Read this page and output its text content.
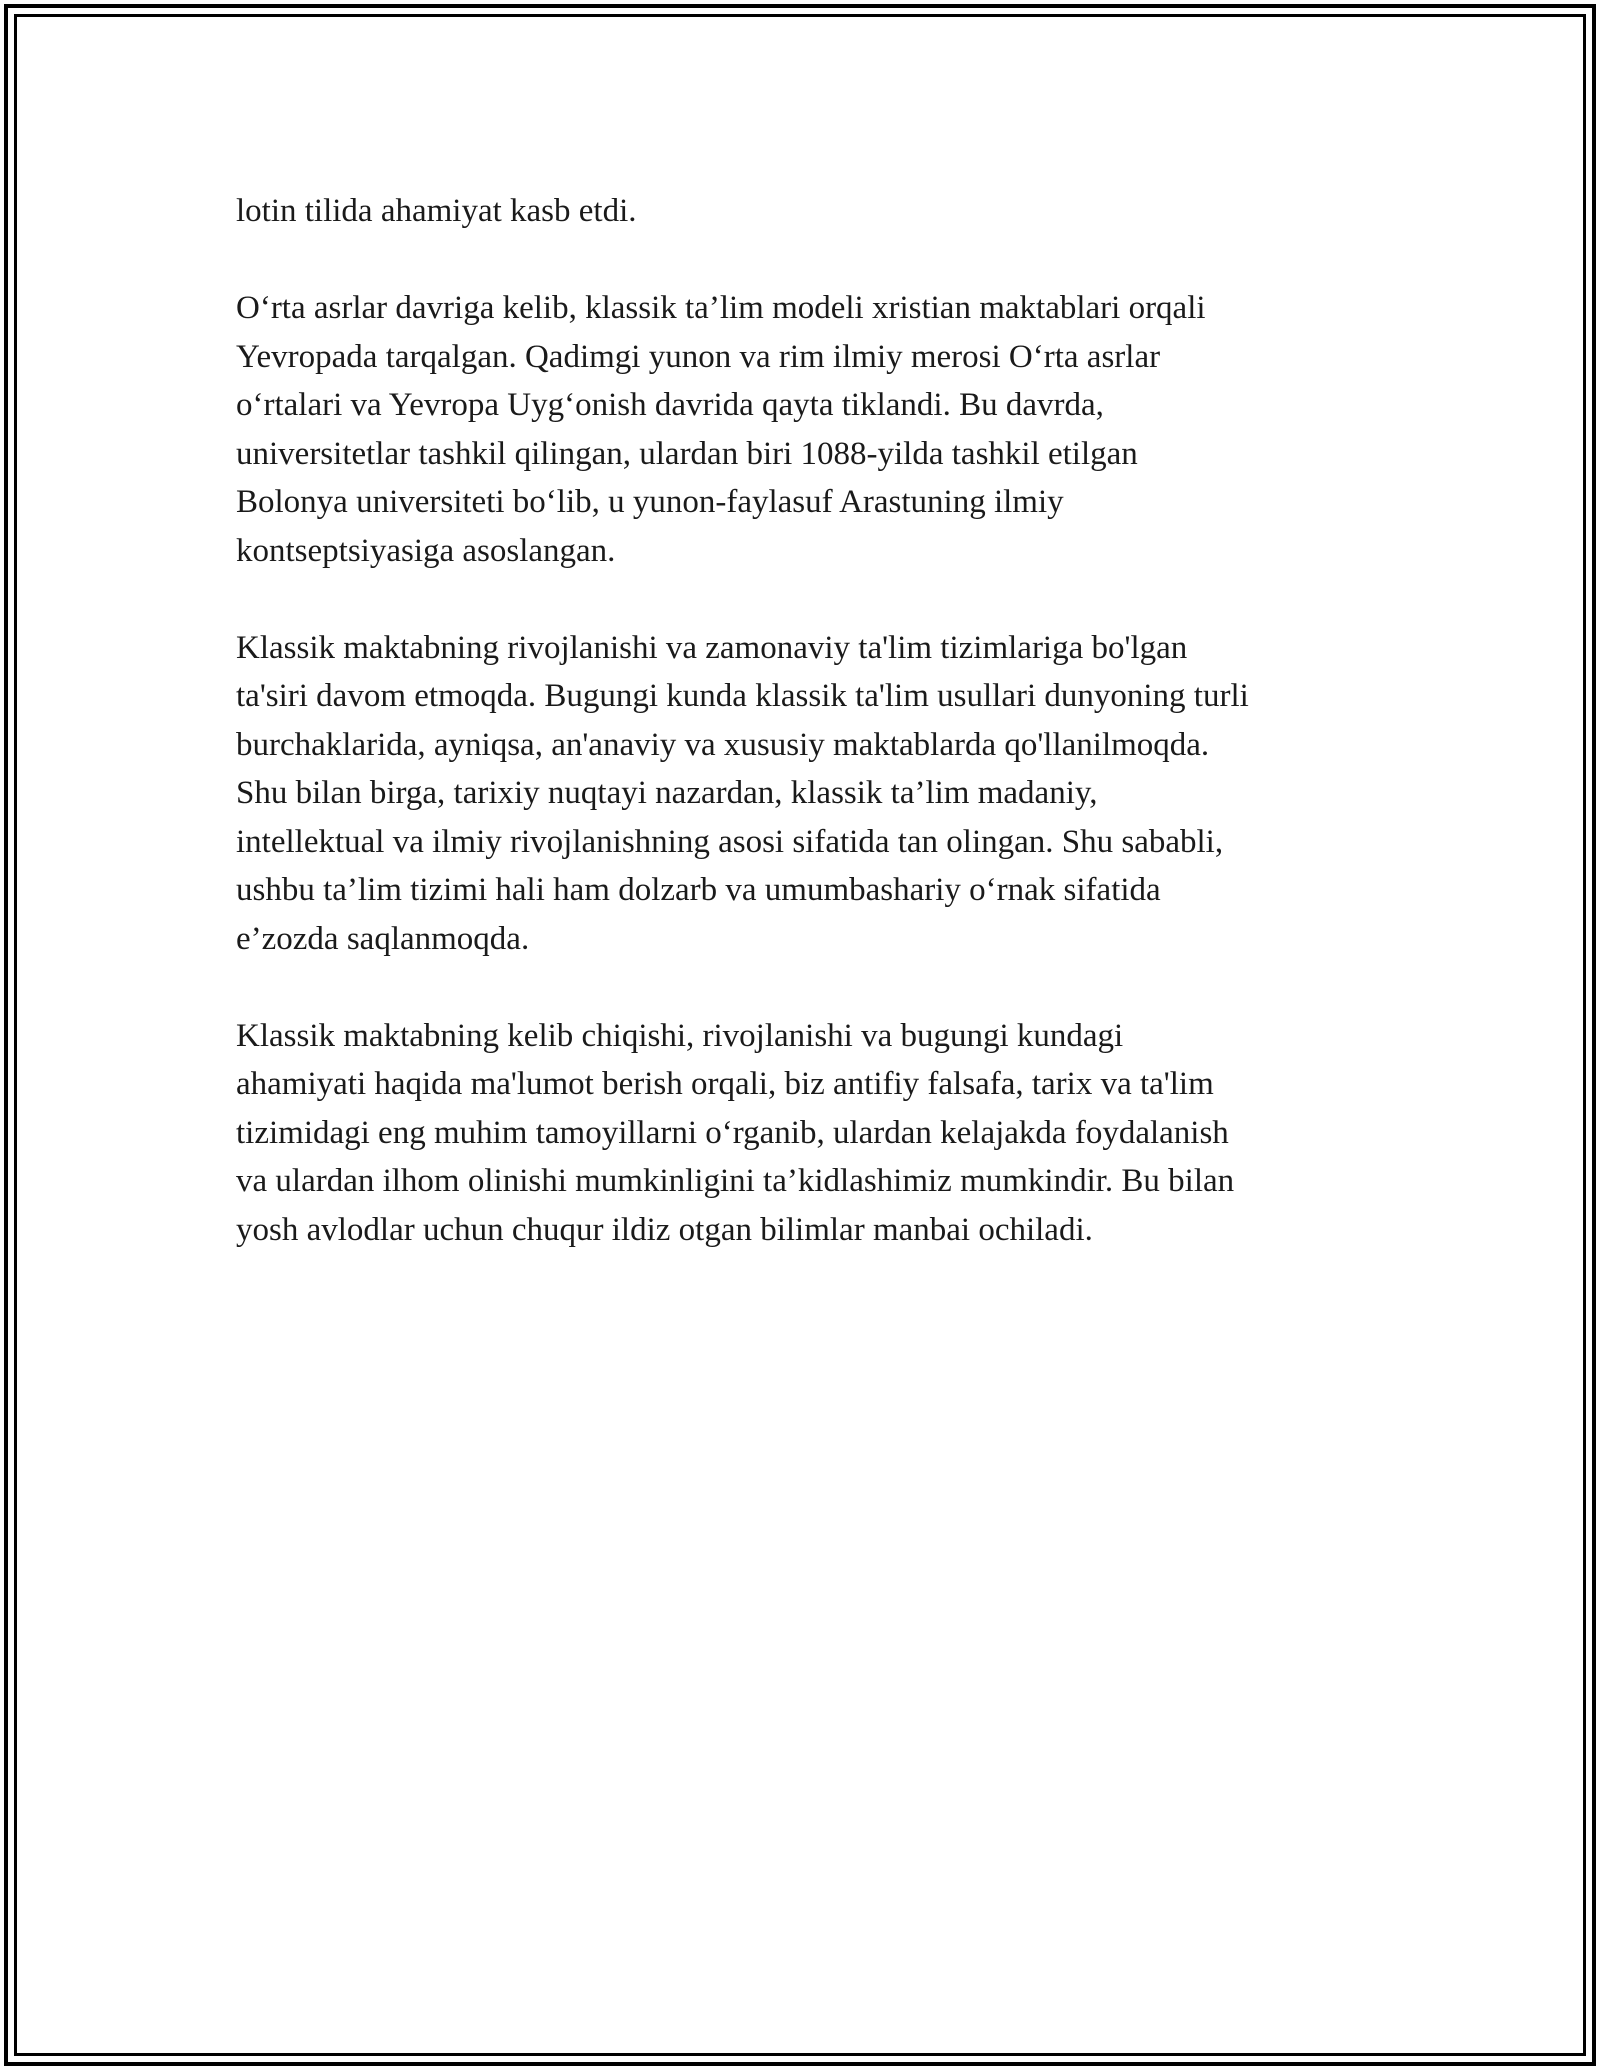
lotin tilida ahamiyat kasb etdi.

O‘rta asrlar davriga kelib, klassik ta’lim modeli xristian maktablari orqali
Yevropada tarqalgan. Qadimgi yunon va rim ilmiy merosi O‘rta asrlar
o‘rtalari va Yevropa Uyg‘onish davrida qayta tiklandi. Bu davrda,
universitetlar tashkil qilingan, ulardan biri 1088-yilda tashkil etilgan
Bolonya universiteti bo‘lib, u yunon-faylasuf Arastuning ilmiy
kontseptsiyasiga asoslangan.

Klassik maktabning rivojlanishi va zamonaviy ta'lim tizimlariga bo'lgan
ta'siri davom etmoqda. Bugungi kunda klassik ta'lim usullari dunyoning turli
burchaklarida, ayniqsa, an'anaviy va xususiy maktablarda qo'llanilmoqda.
Shu bilan birga, tarixiy nuqtayi nazardan, klassik ta’lim madaniy,
intellektual va ilmiy rivojlanishning asosi sifatida tan olingan. Shu sababli,
ushbu ta’lim tizimi hali ham dolzarb va umumbashariy o‘rnak sifatida
e’zozda saqlanmoqda.

Klassik maktabning kelib chiqishi, rivojlanishi va bugungi kundagi
ahamiyati haqida ma'lumot berish orqali, biz antifiy falsafa, tarix va ta'lim
tizimidagi eng muhim tamoyillarni o‘rganib, ulardan kelajakda foydalanish
va ulardan ilhom olinishi mumkinligini ta’kidlashimiz mumkindir. Bu bilan
yosh avlodlar uchun chuqur ildiz otgan bilimlar manbai ochiladi.
